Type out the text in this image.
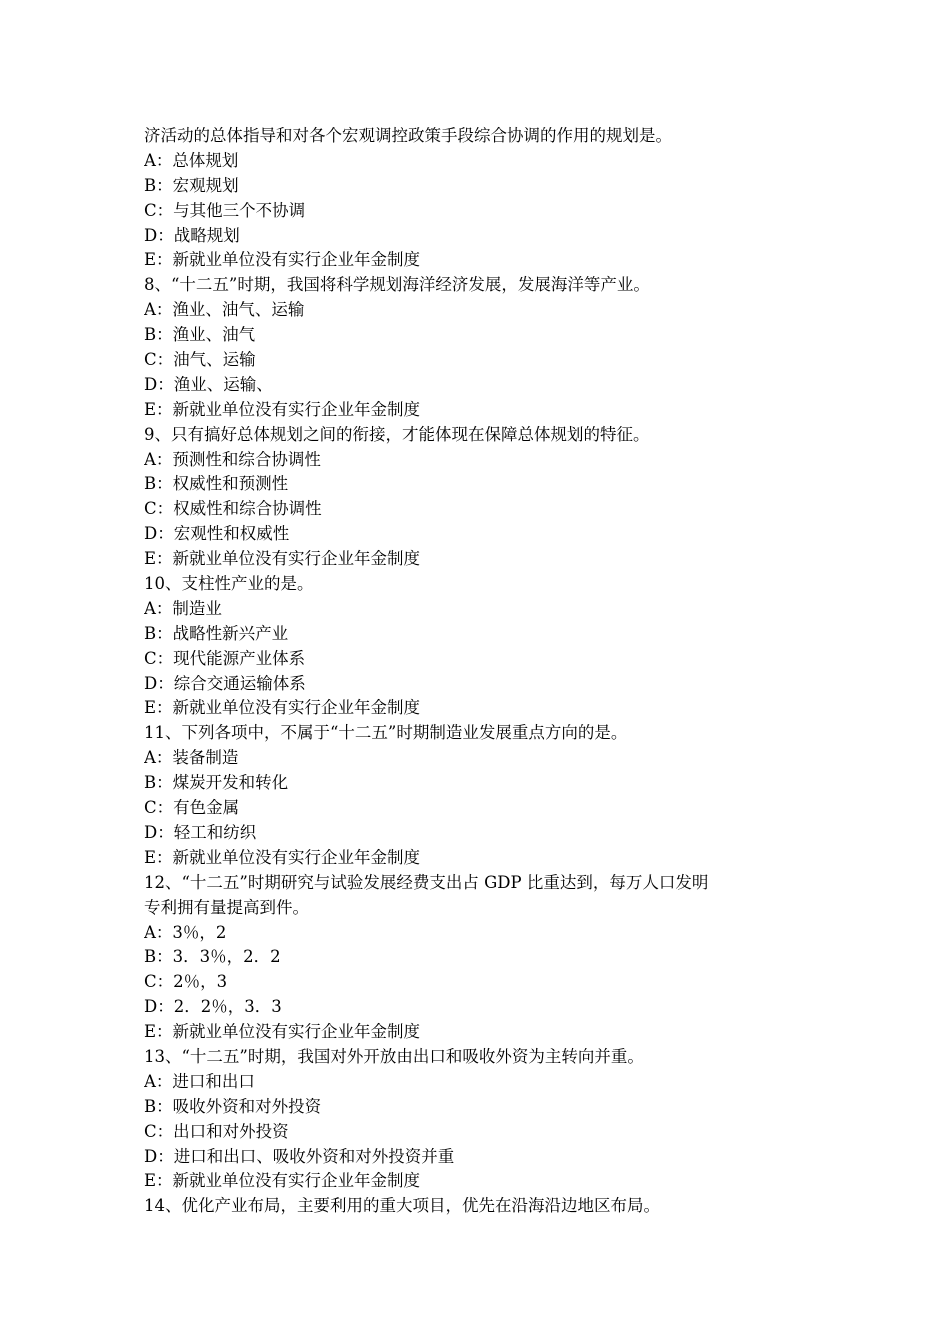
济活动的总体指导和对各个宏观调控政策手段综合协调的作用的规划是。
A：总体规划
B：宏观规划
C：与其他三个不协调
D：战略规划
E：新就业单位没有实行企业年金制度
8、“十二五”时期，我国将科学规划海洋经济发展，发展海洋等产业。
A：渔业、油气、运输
B：渔业、油气
C：油气、运输
D：渔业、运输、
E：新就业单位没有实行企业年金制度
9、只有搞好总体规划之间的衔接，才能体现在保障总体规划的特征。
A：预测性和综合协调性
B：权威性和预测性
C：权威性和综合协调性
D：宏观性和权威性
E：新就业单位没有实行企业年金制度
10、支柱性产业的是。
A：制造业
B：战略性新兴产业
C：现代能源产业体系
D：综合交通运输体系
E：新就业单位没有实行企业年金制度
11、下列各项中，不属于“十二五”时期制造业发展重点方向的是。
A：装备制造
B：煤炭开发和转化
C：有色金属
D：轻工和纺织
E：新就业单位没有实行企业年金制度
12、“十二五”时期研究与试验发展经费支出占 GDP 比重达到，每万人口发明
专利拥有量提高到件。
A：3％，2
B：3．3％，2．2
C：2％，3
D：2．2％，3．3
E：新就业单位没有实行企业年金制度
13、“十二五”时期，我国对外开放由出口和吸收外资为主转向并重。
A：进口和出口
B：吸收外资和对外投资
C：出口和对外投资
D：进口和出口、吸收外资和对外投资并重
E：新就业单位没有实行企业年金制度
14、优化产业布局，主要利用的重大项目，优先在沿海沿边地区布局。
